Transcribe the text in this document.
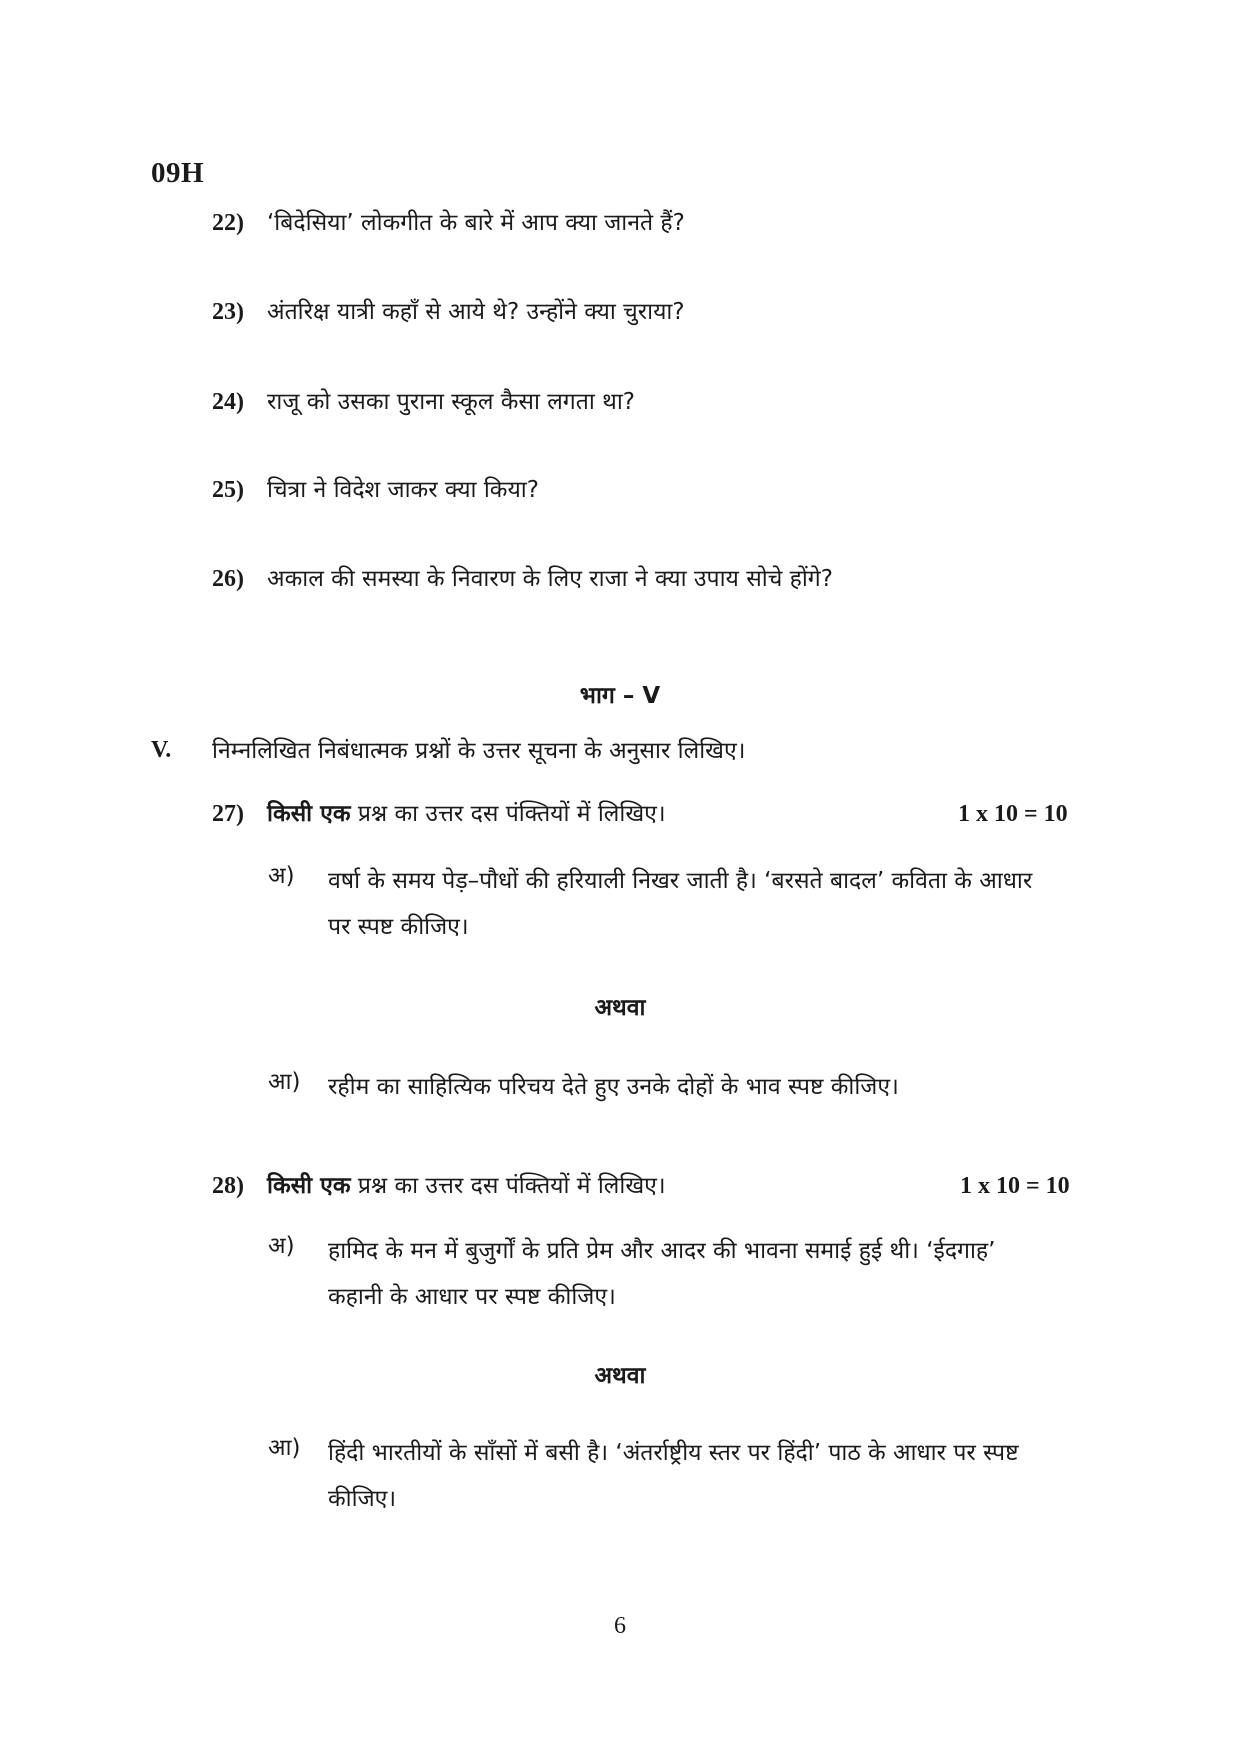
09H
22)	‘बिदेसिया’ लोकगीत के बारे में आप क्या जानते हैं?
23)	अंतरिक्ष यात्री कहाँ से आये थे? उन्होंने क्या चुराया?
24)	राजू को उसका पुराना स्कूल कैसा लगता था?
25)	चित्रा ने विदेश जाकर क्या किया?
26)	अकाल की समस्या के निवारण के लिए राजा ने क्या उपाय सोचे होंगे?
भाग – V
V. निम्नलिखित निबंधात्मक प्रश्नों के उत्तर सूचना के अनुसार लिखिए।
27)	किसी एक प्रश्न का उत्तर दस पंक्तियों में लिखिए।	1 x 10 = 10
अ)	वर्षा के समय पेड़–पौधों की हरियाली निखर जाती है। ‘बरसते बादल’ कविता के आधार पर स्पष्ट कीजिए।
अथवा
आ)	रहीम का साहित्यिक परिचय देते हुए उनके दोहों के भाव स्पष्ट कीजिए।
28)	किसी एक प्रश्न का उत्तर दस पंक्तियों में लिखिए।	1 x 10 = 10
अ)	हामिद के मन में बुजुर्गों के प्रति प्रेम और आदर की भावना समाई हुई थी। ‘ईदगाह’ कहानी के आधार पर स्पष्ट कीजिए।
अथवा
आ)	हिंदी भारतीयों के साँसों में बसी है। ‘अंतर्राष्ट्रीय स्तर पर हिंदी’ पाठ के आधार पर स्पष्ट कीजिए।
6
